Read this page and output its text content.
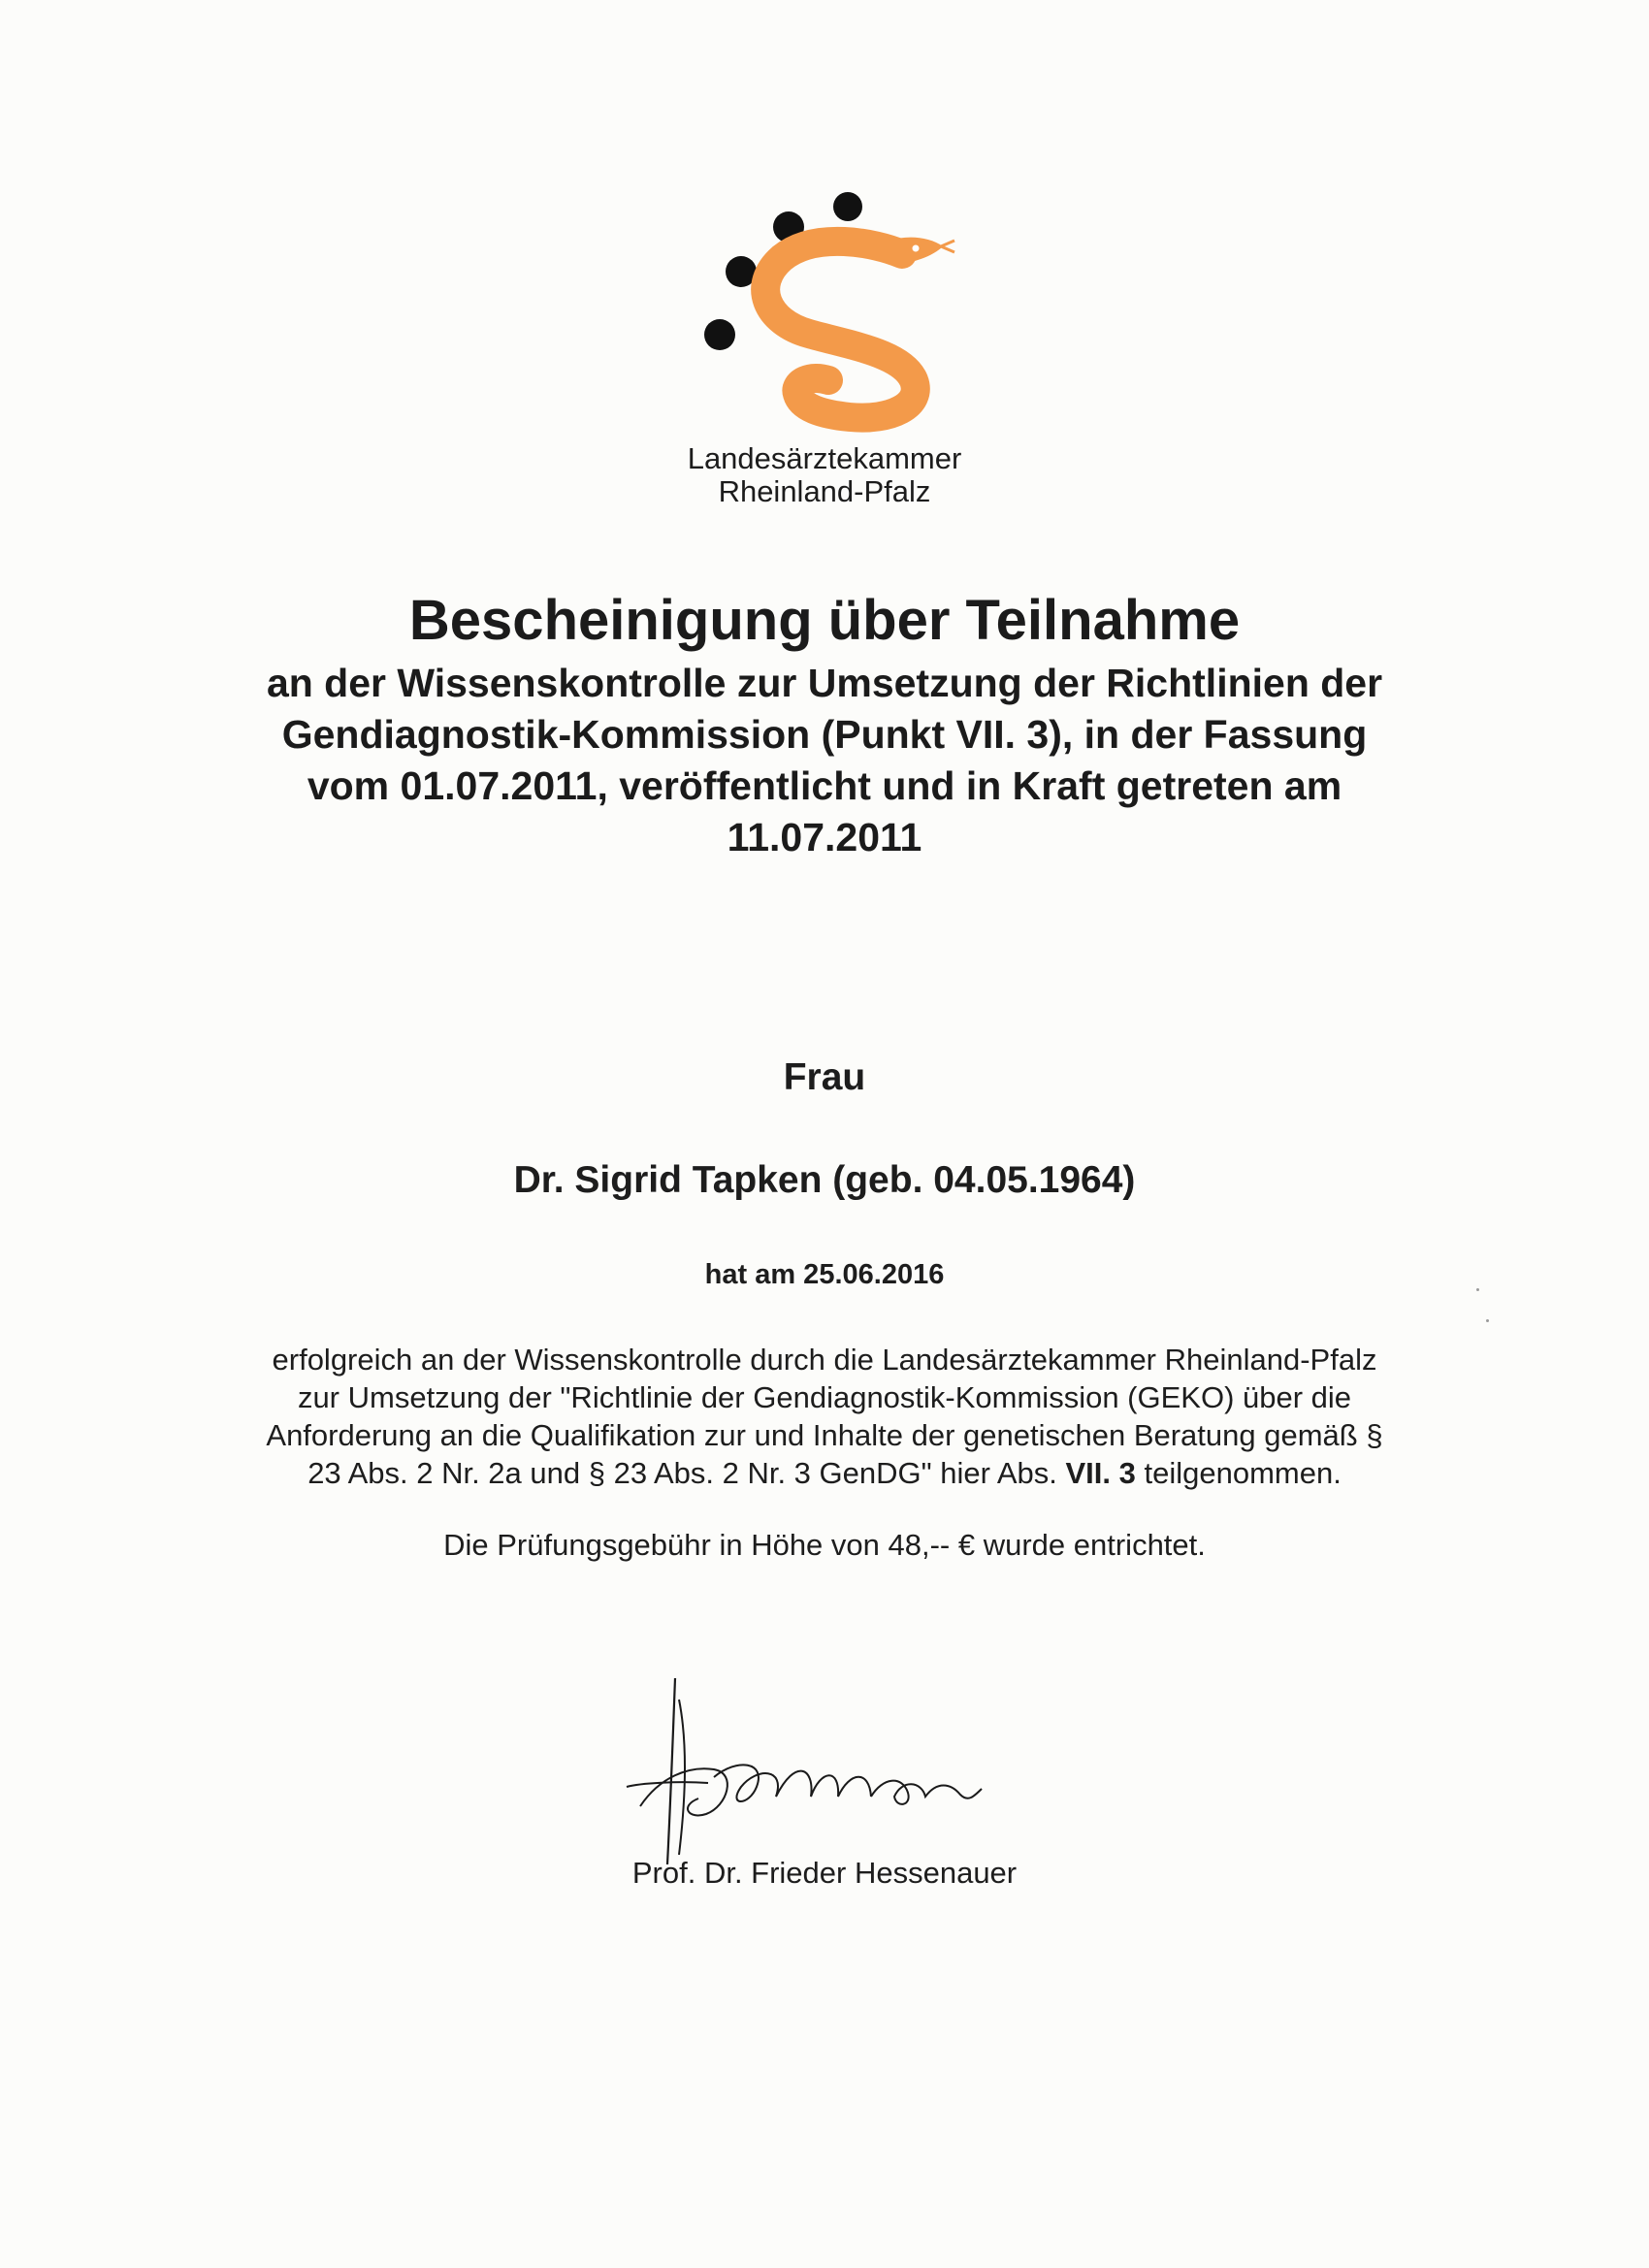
Landesärztekammer
Rheinland-Pfalz
Bescheinigung über Teilnahme
an der Wissenskontrolle zur Umsetzung der Richtlinien der
Gendiagnostik-Kommission (Punkt VII. 3), in der Fassung
vom 01.07.2011, veröffentlicht und in Kraft getreten am
11.07.2011
Frau
Dr. Sigrid Tapken (geb. 04.05.1964)
hat am 25.06.2016
erfolgreich an der Wissenskontrolle durch die Landesärztekammer Rheinland-Pfalz
zur Umsetzung der "Richtlinie der Gendiagnostik-Kommission (GEKO) über die
Anforderung an die Qualifikation zur und Inhalte der genetischen Beratung gemäß §
23 Abs. 2 Nr. 2a und § 23 Abs. 2 Nr. 3 GenDG" hier Abs. VII. 3 teilgenommen.
Die Prüfungsgebühr in Höhe von 48,-- € wurde entrichtet.
Prof. Dr. Frieder Hessenauer
